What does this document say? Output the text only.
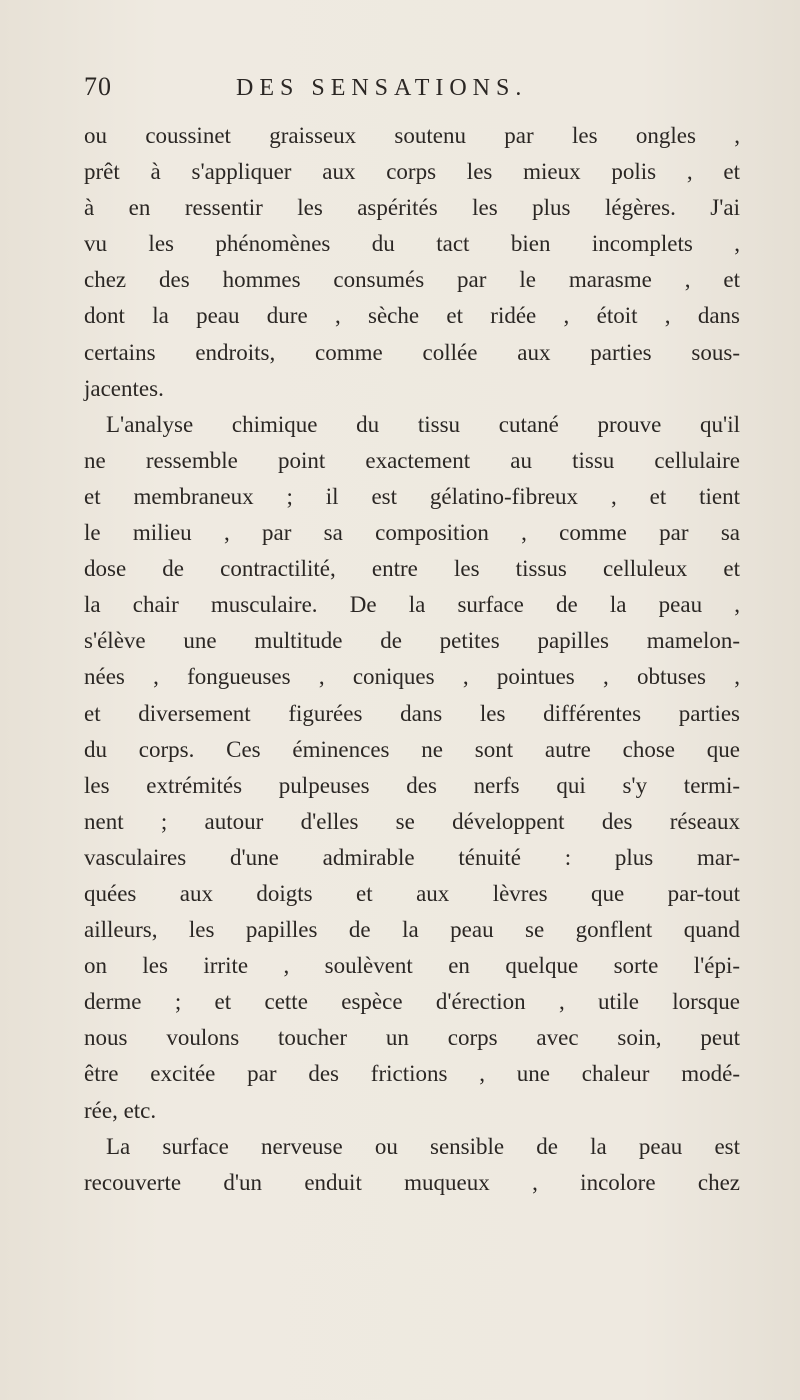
70	DES SENSATIONS.
ou coussinet graisseux soutenu par les ongles ,
prêt à s'appliquer aux corps les mieux polis , et
à en ressentir les aspérités les plus légères. J'ai
vu les phénomènes du tact bien incomplets ,
chez des hommes consumés par le marasme , et
dont la peau dure , sèche et ridée , étoit , dans
certains endroits, comme collée aux parties sous-
jacentes.
L'analyse chimique du tissu cutané prouve qu'il
ne ressemble point exactement au tissu cellulaire
et membraneux ; il est gélatino-fibreux , et tient
le milieu , par sa composition , comme par sa
dose de contractilité, entre les tissus celluleux et
la chair musculaire. De la surface de la peau ,
s'élève une multitude de petites papilles mamelon-
nées , fongueuses , coniques , pointues , obtuses ,
et diversement figurées dans les différentes parties
du corps. Ces éminences ne sont autre chose que
les extrémités pulpeuses des nerfs qui s'y termi-
nent ; autour d'elles se développent des réseaux
vasculaires d'une admirable ténuité : plus mar-
quées aux doigts et aux lèvres que par-tout
ailleurs, les papilles de la peau se gonflent quand
on les irrite , soulèvent en quelque sorte l'épi-
derme ; et cette espèce d'érection , utile lorsque
nous voulons toucher un corps avec soin, peut
être excitée par des frictions , une chaleur modé-
rée, etc.
La surface nerveuse ou sensible de la peau est
recouverte d'un enduit muqueux , incolore chez
